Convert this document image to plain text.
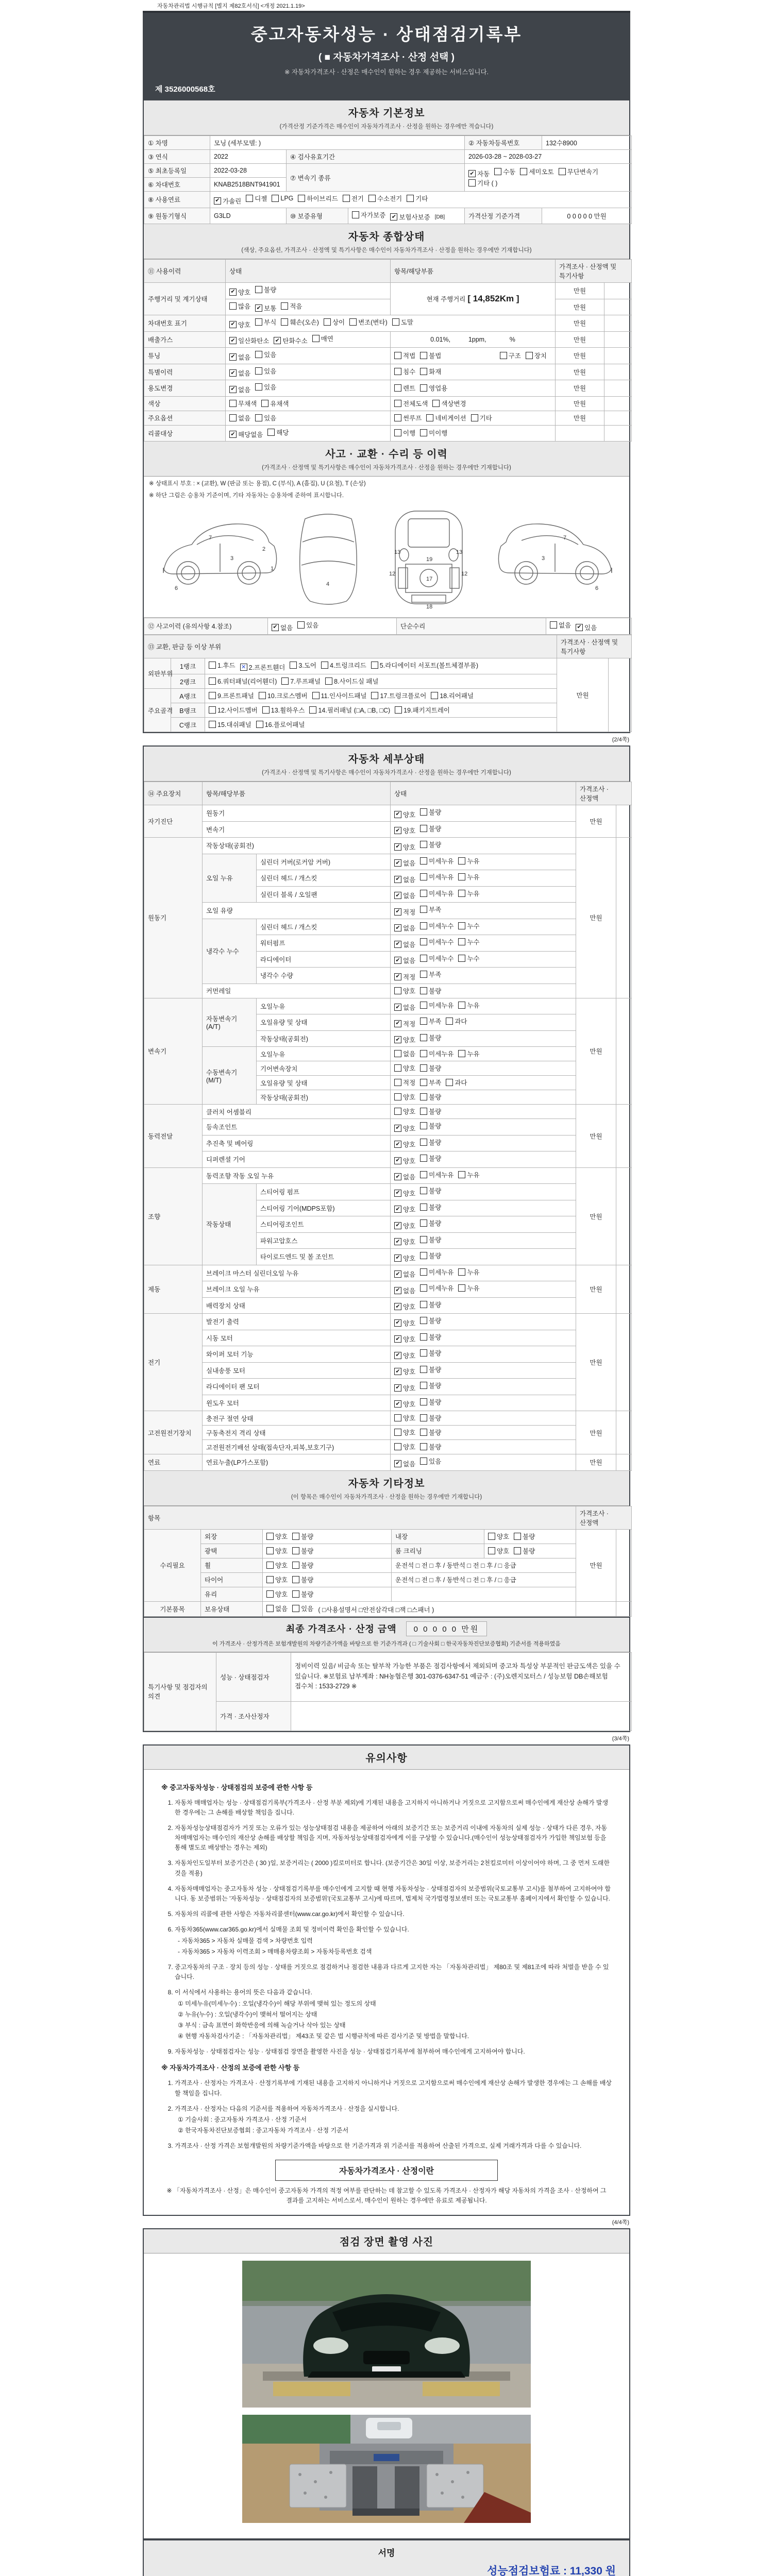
자동차관리법 시행규칙 [별지 제82호서식] <개정 2021.1.19>
중고자동차성능 · 상태점검기록부
( ■ 자동차가격조사 · 산정 선택 )
※ 자동차가격조사 · 산정은 매수인이 원하는 경우 제공하는 서비스입니다.
제 3526000568호
자동차 기본정보
(가격산정 기준가격은 매수인이 자동차가격조사 · 산정을 원하는 경우에만 적습니다)
① 차명	모닝 (세부모델: )			② 자동차등록번호	132수8900
③ 연식	2022	④ 검사유효기간		2026-03-28 ~ 2028-03-27	
⑤ 최초등록일	2022-03-28	⑦ 변속기 종류	
✔ 자동 수동 세미오토 무단변속기
기타 ( )
⑥ 차대번호	KNAB2518BNT941901				
⑧ 사용연료	✔ 가솔린 디젤 LPG 하이브리드 전기 수소전기 기타
⑨ 원동기형식	G3LD	⑩ 보증유형	자가보증 ✔ 보험사보증 [DB]	가격산정 기준가격	0 0 0 0 0 만원
자동차 종합상태
(색상, 주요옵션, 가격조사 · 산정액 및 특기사항은 매수인이 자동차가격조사 · 산정을 원하는 경우에만 기재합니다)
⑪ 사용이력	상태	항목/해당부품	가격조사 · 산정액 및 특기사항	
주행거리 및 계기상태	✔ 양호 불량	현재 주행거리 [ 14,852Km ]	만원	

많음 ✔ 보통 적음		만원	
차대번호 표기	✔ 양호 부식 훼손(오손) 상이 변조(변타) 도말	만원	
배출가스	✔ 일산화탄소 ✔ 탄화수소 매연	0.01%,          1ppm,             %	만원	
튜닝	✔ 없음 있음	적법 불법 구조 장치	만원	
특별이력	✔ 없음 있음	침수 화재	만원	
용도변경	✔ 없음 있음	렌트 영업용	만원	
색상	무채색 유채색	전체도색 색상변경	만원	
주요옵션	없음 있음	썬루프 네비게이션 기타	만원	
리콜대상	✔ 해당없음 해당	이행 미이행		
사고 · 교환 · 수리 등 이력
(가격조사 · 산정액 및 특기사항은 매수인이 자동차가격조사 · 산정을 원하는 경우에만 기재합니다)
※ 상태표시 부호 : × (교환), W (판금 또는 용접), C (부식), A (흠집), U (요철), T (손상)
※ 하단 그림은 승용차 기준이며, 기타 자동차는 승용차에 준하여 표시합니다.
7
3
6
2
1
4
13
19
13
12	12
17
18
7
3
6
⑫ 사고이력 (유의사항 4.참조)	✔ 없음 있음	단순수리	없음 ✔ 있음
⑬ 교환, 판금 등 이상 부위			가격조사 · 산정액 및 특기사항	
외판부위	1랭크	1.후드 ✕ 2.프론트휀더 3.도어 4.트렁크리드 5.라디에이터 서포트(볼트체결부품)	만원	
	2랭크	6.쿼터패널(리어휀더) 7.루프패널 8.사이드실 패널		
주요골격	A랭크	9.프론트패널 10.크로스멤버 11.인사이드패널 17.트렁크플로어 18.리어패널		
	B랭크	12.사이드멤버 13.휠하우스 14.필러패널 (□A, □B, □C) 19.패키지트레이		
	C랭크	15.대쉬패널 16.플로어패널		
(2/4쪽)
자동차 세부상태
(가격조사 · 산정액 및 특기사항은 매수인이 자동차가격조사 · 산정을 원하는 경우에만 기재합니다)
⑭ 주요장치	항목/해당부품		상태	가격조사 · 산정액	
자기진단	원동기		✔ 양호 불량	만원	
	변속기		✔ 양호 불량		
원동기	작동상태(공회전)		✔ 양호 불량	만원	
	오일 누유	실린더 커버(로커암 커버)	✔ 없음 미세누유 누유		
		실린더 헤드 / 개스킷	✔ 없음 미세누유 누유		
		실린더 블록 / 오일팬	✔ 없음 미세누유 누유		
	오일 유량		✔ 적정 부족		
	냉각수 누수	실린더 헤드 / 개스킷	✔ 없음 미세누수 누수		
		워터펌프	✔ 없음 미세누수 누수		
		라디에이터	✔ 없음 미세누수 누수		
		냉각수 수량	✔ 적정 부족		
	커먼레일		양호 불량		
변속기	자동변속기 (A/T)	오일누유	✔ 없음 미세누유 누유	만원	
		오일유량 및 상태	✔ 적정 부족 과다		
		작동상태(공회전)	✔ 양호 불량		
	수동변속기 (M/T)	오일누유	없음 미세누유 누유		
		기어변속장치	양호 불량		
		오일유량 및 상태	적정 부족 과다		
		작동상태(공회전)	양호 불량		
동력전달	클러치 어셈블리		양호 불량	만원	
	등속조인트		✔ 양호 불량		
	추진축 및 베어링		✔ 양호 불량		
	디퍼렌셜 기어		✔ 양호 불량		
조향	동력조향 작동 오일 누유		✔ 없음 미세누유 누유	만원	
	작동상태	스티어링 펌프	✔ 양호 불량		
		스티어링 기어(MDPS포함)	✔ 양호 불량		
		스티어링조인트	✔ 양호 불량		
		파워고압호스	✔ 양호 불량		
		타이로드엔드 및 볼 조인트	✔ 양호 불량		
제동	브레이크 마스터 실린더오일 누유		✔ 없음 미세누유 누유	만원	
	브레이크 오일 누유		✔ 없음 미세누유 누유		
	배력장치 상태		✔ 양호 불량		
전기	발전기 출력		✔ 양호 불량	만원	
	시동 모터		✔ 양호 불량		
	와이퍼 모터 기능		✔ 양호 불량		
	실내송풍 모터		✔ 양호 불량		
	라디에이터 팬 모터		✔ 양호 불량		
	윈도우 모터		✔ 양호 불량		
고전원전기장치	충전구 절연 상태		양호 불량	만원	
	구동축전지 격리 상태		양호 불량		
	고전원전기배선 상태(접속단자,피복,보호기구)		양호 불량		
연료	연료누출(LP가스포함)		✔ 없음 있음	만원	
자동차 기타정보
(이 항목은 매수인이 자동차가격조사 · 산정을 원하는 경우에만 기재합니다)
항목					가격조사 · 산정액	
수리필요	외장	양호 불량	내장	양호 불량	만원	
	광택	양호 불량	룸 크리닝	양호 불량		
	휠	양호 불량	운전석 □ 전 □ 후 / 동반석 □ 전 □ 후 / □ 응급			
	타이어	양호 불량	운전석 □ 전 □ 후 / 동반석 □ 전 □ 후 / □ 응급			
	유리	양호 불량				
기본품목	보유상태	없음 있음 ( □사용설명서 □안전삼각대 □잭 □스패너 )				
최종 가격조사 · 산정 금액	0 0 0 0 0 만원
이 가격조사 · 산정가격은 보험개발원의 차량기준가액을 바탕으로 한 기준가격과 ( □ 기술사회 □ 한국자동차진단보증협회) 기준서를 적용하였음
특기사항 및 점검자의 의견	성능 · 상태점검자	정비이력 있음/ 비금속 또는 탈부착 가능한 부품은 점검사항에서 제외되며 중고차 특성상 부분적인 판금도색은 있을 수 있습니다. ※보험료 납부계좌 : NH농협은행 301-0376-6347-51 예금주 : (주)오렌지모터스 / 성능보험 DB손해보험 접수처 : 1533-2729 ※
	가격 · 조사산정자	
(3/4쪽)
유의사항
※ 중고자동차성능 · 상태점검의 보증에 관한 사항 등
1. 자동차 매매업자는 성능 · 상태점검기록부(가격조사 · 산정 부분 제외)에 기재된 내용을 고지하지 아니하거나 거짓으로 고지함으로써 매수인에게 재산상 손해가 발생한 경우에는 그 손해를 배상할 책임을 집니다.
2. 자동차성능상태점검자가 거짓 또는 오류가 있는 성능상태점검 내용을 제공하여 아래의 보증기간 또는 보증거리 이내에 자동차의 실제 성능 · 상태가 다른 경우, 자동차매매업자는 매수인의 재산상 손해를 배상할 책임을 지며, 자동차성능상태점검자에게 이를 구상할 수 있습니다.(매수인이 성능상태점검자가 가입한 책임보험 등을 통해 별도로 배상받는 경우는 제외)
3. 자동차인도일부터 보증기간은 ( 30 )일, 보증거리는 ( 2000 )킬로미터로 합니다. (보증기간은 30일 이상, 보증거리는 2천킬로미터 이상이어야 하며, 그 중 먼저 도래한 것을 적용)
4. 자동차매매업자는 중고자동차 성능 · 상태점검기록부를 매수인에게 고지할 때 현행 자동차성능 · 상태점검자의 보증범위(국토교통부 고시)를 첨부하여 고지하여야 합니다. 동 보증범위는 '자동차성능 · 상태점검자의 보증범위'(국토교통부 고시)에 따르며, 법제처 국가법령정보센터 또는 국토교통부 홈페이지에서 확인할 수 있습니다.
5. 자동차의 리콜에 관한 사항은 자동차리콜센터(www.car.go.kr)에서 확인할 수 있습니다.
6. 자동차365(www.car365.go.kr)에서 실매물 조회 및 정비이력 확인을 확인할 수 있습니다.
- 자동차365 > 자동차 실매물 검색 > 차량번호 입력
- 자동차365 > 자동차 이력조회 > 매매용차량조회 > 자동차등록번호 검색
7. 중고자동차의 구조 · 장치 등의 성능 · 상태를 거짓으로 점검하거나 점검한 내용과 다르게 고지한 자는 「자동차관리법」 제80조 및 제81조에 따라 처벌을 받을 수 있습니다.
8. 이 서식에서 사용하는 용어의 뜻은 다음과 같습니다.
① 미세누유(미세누수) : 오일(냉각수)이 해당 부위에 맺혀 있는 정도의 상태
② 누유(누수) : 오일(냉각수)이 맺혀서 떨어지는 상태
③ 부식 : 금속 표면이 화학반응에 의해 녹슬거나 삭아 있는 상태
④ 현행 자동차검사기준 : 「자동차관리법」 제43조 및 같은 법 시행규칙에 따른 검사기준 및 방법을 말합니다.
9. 자동차성능 · 상태점검자는 성능 · 상태점검 장면을 촬영한 사진을 성능 · 상태점검기록부에 첨부하여 매수인에게 고지하여야 합니다.
※ 자동차가격조사 · 산정의 보증에 관한 사항 등
1. 가격조사 · 산정자는 가격조사 · 산정기록부에 기재된 내용을 고지하지 아니하거나 거짓으로 고지함으로써 매수인에게 재산상 손해가 발생한 경우에는 그 손해를 배상할 책임을 집니다.
2. 가격조사 · 산정자는 다음의 기준서를 적용하여 자동차가격조사 · 산정을 실시합니다.
① 기술사회 : 중고자동차 가격조사 · 산정 기준서
② 한국자동차진단보증협회 : 중고자동차 가격조사 · 산정 기준서
3. 가격조사 · 산정 가격은 보험개발원의 차량기준가액을 바탕으로 한 기준가격과 위 기준서를 적용하여 산출된 가격으로, 실제 거래가격과 다를 수 있습니다.
자동차가격조사 · 산정이란
※ 「자동차가격조사 · 산정」은 매수인이 중고자동차 가격의 적정 여부를 판단하는 데 참고할 수 있도록 가격조사 · 산정자가 해당 자동차의 가격을 조사 · 산정하여 그 결과를 고지하는 서비스로서, 매수인이 원하는 경우에만 유료로 제공됩니다.
(4/4쪽)
점검 장면 촬영 사진
서명
성능점검보험료 : 11,330 원
